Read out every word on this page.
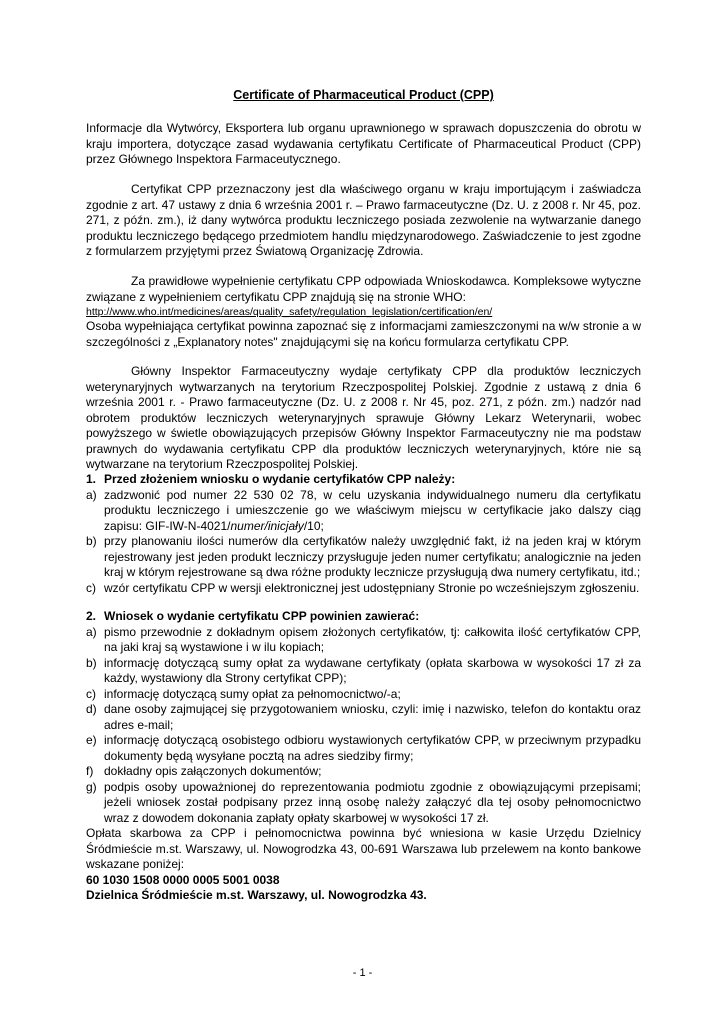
Certificate of Pharmaceutical Product (CPP)

Informacje dla Wytwórcy, Eksportera lub organu uprawnionego w sprawach dopuszczenia do obrotu w kraju importera, dotyczące zasad wydawania certyfikatu Certificate of Pharmaceutical Product (CPP) przez Głównego Inspektora Farmaceutycznego.

Certyfikat CPP przeznaczony jest dla właściwego organu w kraju importującym i zaświadcza zgodnie z art. 47 ustawy z dnia 6 września 2001 r. – Prawo farmaceutyczne (Dz. U. z 2008 r. Nr 45, poz. 271, z późn. zm.), iż dany wytwórca produktu leczniczego posiada zezwolenie na wytwarzanie danego produktu leczniczego będącego przedmiotem handlu międzynarodowego. Zaświadczenie to jest zgodne z formularzem przyjętymi przez Światową Organizację Zdrowia.

Za prawidłowe wypełnienie certyfikatu CPP odpowiada Wnioskodawca. Kompleksowe wytyczne związane z wypełnieniem certyfikatu CPP znajdują się na stronie WHO:

http://www.who.int/medicines/areas/quality_safety/regulation_legislation/certification/en/

Osoba wypełniająca certyfikat powinna zapoznać się z informacjami zamieszczonymi na w/w stronie a w szczególności z „Explanatory notes" znajdującymi się na końcu formularza certyfikatu CPP.

Główny Inspektor Farmaceutyczny wydaje certyfikaty CPP dla produktów leczniczych weterynaryjnych wytwarzanych na terytorium Rzeczpospolitej Polskiej. Zgodnie z ustawą z dnia 6 września 2001 r. - Prawo farmaceutyczne (Dz. U. z 2008 r. Nr 45, poz. 271, z późn. zm.) nadzór nad obrotem produktów leczniczych weterynaryjnych sprawuje Główny Lekarz Weterynarii, wobec powyższego w świetle obowiązujących przepisów Główny Inspektor Farmaceutyczny nie ma podstaw prawnych do wydawania certyfikatu CPP dla produktów leczniczych weterynaryjnych, które nie są wytwarzane na terytorium Rzeczpospolitej Polskiej.

1. Przed złożeniem wniosku o wydanie certyfikatów CPP należy:
a) zadzwonić pod numer 22 530 02 78, w celu uzyskania indywidualnego numeru dla certyfikatu produktu leczniczego i umieszczenie go we właściwym miejscu w certyfikacie jako dalszy ciąg zapisu: GIF-IW-N-4021/numer/inicjały/10;
b) przy planowaniu ilości numerów dla certyfikatów należy uwzględnić fakt, iż na jeden kraj w którym rejestrowany jest jeden produkt leczniczy przysługuje jeden numer certyfikatu; analogicznie na jeden kraj w którym rejestrowane są dwa różne produkty lecznicze przysługują dwa numery certyfikatu, itd.;
c) wzór certyfikatu CPP w wersji elektronicznej jest udostępniany Stronie po wcześniejszym zgłoszeniu.
2. Wniosek o wydanie certyfikatu CPP powinien zawierać:
a) pismo przewodnie z dokładnym opisem złożonych certyfikatów, tj: całkowita ilość certyfikatów CPP, na jaki kraj są wystawione i w ilu kopiach;
b) informację dotyczącą sumy opłat za wydawane certyfikaty (opłata skarbowa w wysokości 17 zł za każdy, wystawiony dla Strony certyfikat CPP);
c) informację dotyczącą sumy opłat za pełnomocnictwo/-a;
d) dane osoby zajmującej się przygotowaniem wniosku, czyli: imię i nazwisko, telefon do kontaktu oraz adres e-mail;
e) informację dotyczącą osobistego odbioru wystawionych certyfikatów CPP, w przeciwnym przypadku dokumenty będą wysyłane pocztą na adres siedziby firmy;
f) dokładny opis załączonych dokumentów;
g) podpis osoby upoważnionej do reprezentowania podmiotu zgodnie z obowiązującymi przepisami; jeżeli wniosek został podpisany przez inną osobę należy załączyć dla tej osoby pełnomocnictwo wraz z dowodem dokonania zapłaty opłaty skarbowej w wysokości 17 zł.

Opłata skarbowa za CPP i pełnomocnictwa powinna być wniesiona w kasie Urzędu Dzielnicy Śródmieście m.st. Warszawy, ul. Nowogrodzka 43, 00-691 Warszawa lub przelewem na konto bankowe wskazane poniżej:

60 1030 1508 0000 0005 5001 0038

Dzielnica Śródmieście m.st. Warszawy, ul. Nowogrodzka 43.

- 1 -
